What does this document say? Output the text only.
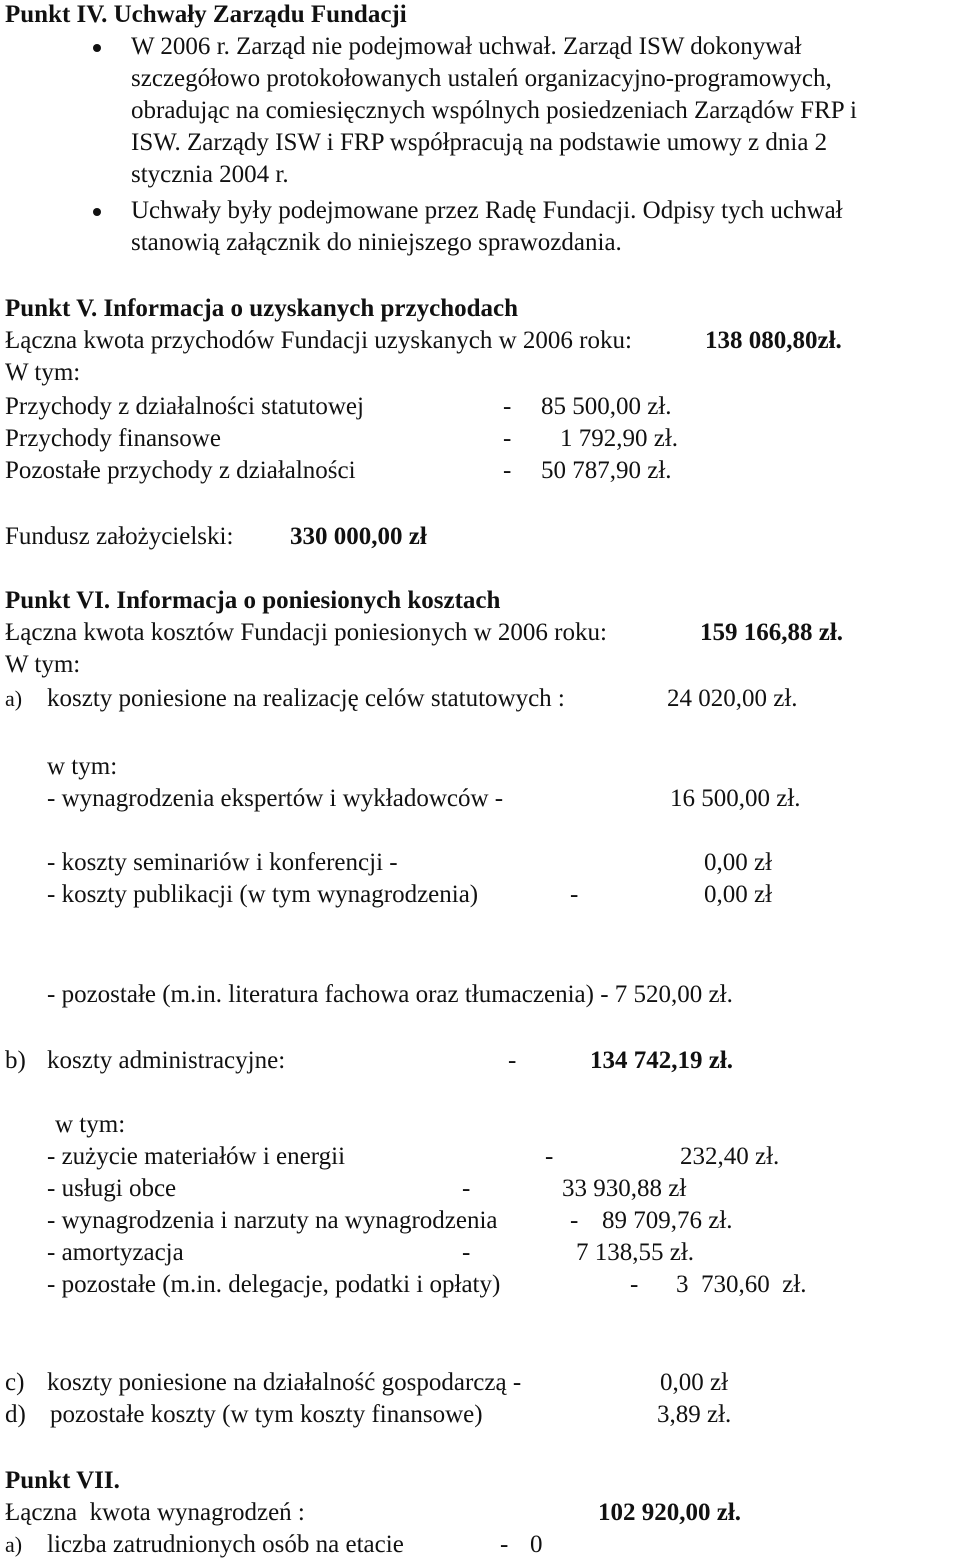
Punkt IV. Uchwały Zarządu Fundacji
W 2006 r. Zarząd nie podejmował uchwał. Zarząd ISW dokonywał
szczegółowo protokołowanych ustaleń organizacyjno-programowych,
obradując na comiesięcznych wspólnych posiedzeniach Zarządów FRP i
ISW. Zarządy ISW i FRP współpracują na podstawie umowy z dnia 2
stycznia 2004 r.
Uchwały były podejmowane przez Radę Fundacji. Odpisy tych uchwał
stanowią załącznik do niniejszego sprawozdania.
Punkt V. Informacja o uzyskanych przychodach
Łączna kwota przychodów Fundacji uzyskanych w 2006 roku:	138 080,80zł.
W tym:
Przychody z działalności statutowej	- 85 500,00 zł.
Przychody finansowe	- 1 792,90 zł.
Pozostałe przychody z działalności	- 50 787,90 zł.
Fundusz założycielski: 330 000,00 zł
Punkt VI. Informacja o poniesionych kosztach
Łączna kwota kosztów Fundacji poniesionych w 2006 roku:	159 166,88 zł.
W tym:
a) koszty poniesione na realizację celów statutowych :	24 020,00 zł.
w tym:
- wynagrodzenia ekspertów i wykładowców -	16 500,00 zł.
- koszty seminariów i konferencji -	0,00 zł
- koszty publikacji (w tym wynagrodzenia)	-	0,00 zł
- pozostałe (m.in. literatura fachowa oraz tłumaczenia) - 7 520,00 zł.
b) koszty administracyjne:	-	134 742,19 zł.
w tym:
- zużycie materiałów i energii	-	232,40 zł.
- usługi obce	-	33 930,88 zł
- wynagrodzenia i narzuty na wynagrodzenia	- 89 709,76 zł.
- amortyzacja	-	7 138,55 zł.
- pozostałe (m.in. delegacje, podatki i opłaty)	- 3  730,60  zł.
c) koszty poniesione na działalność gospodarczą -	0,00 zł
d) pozostałe koszty (w tym koszty finansowe)	3,89 zł.
Punkt VII.
Łączna  kwota wynagrodzeń :	102 920,00 zł.
a) liczba zatrudnionych osób na etacie	- 0
